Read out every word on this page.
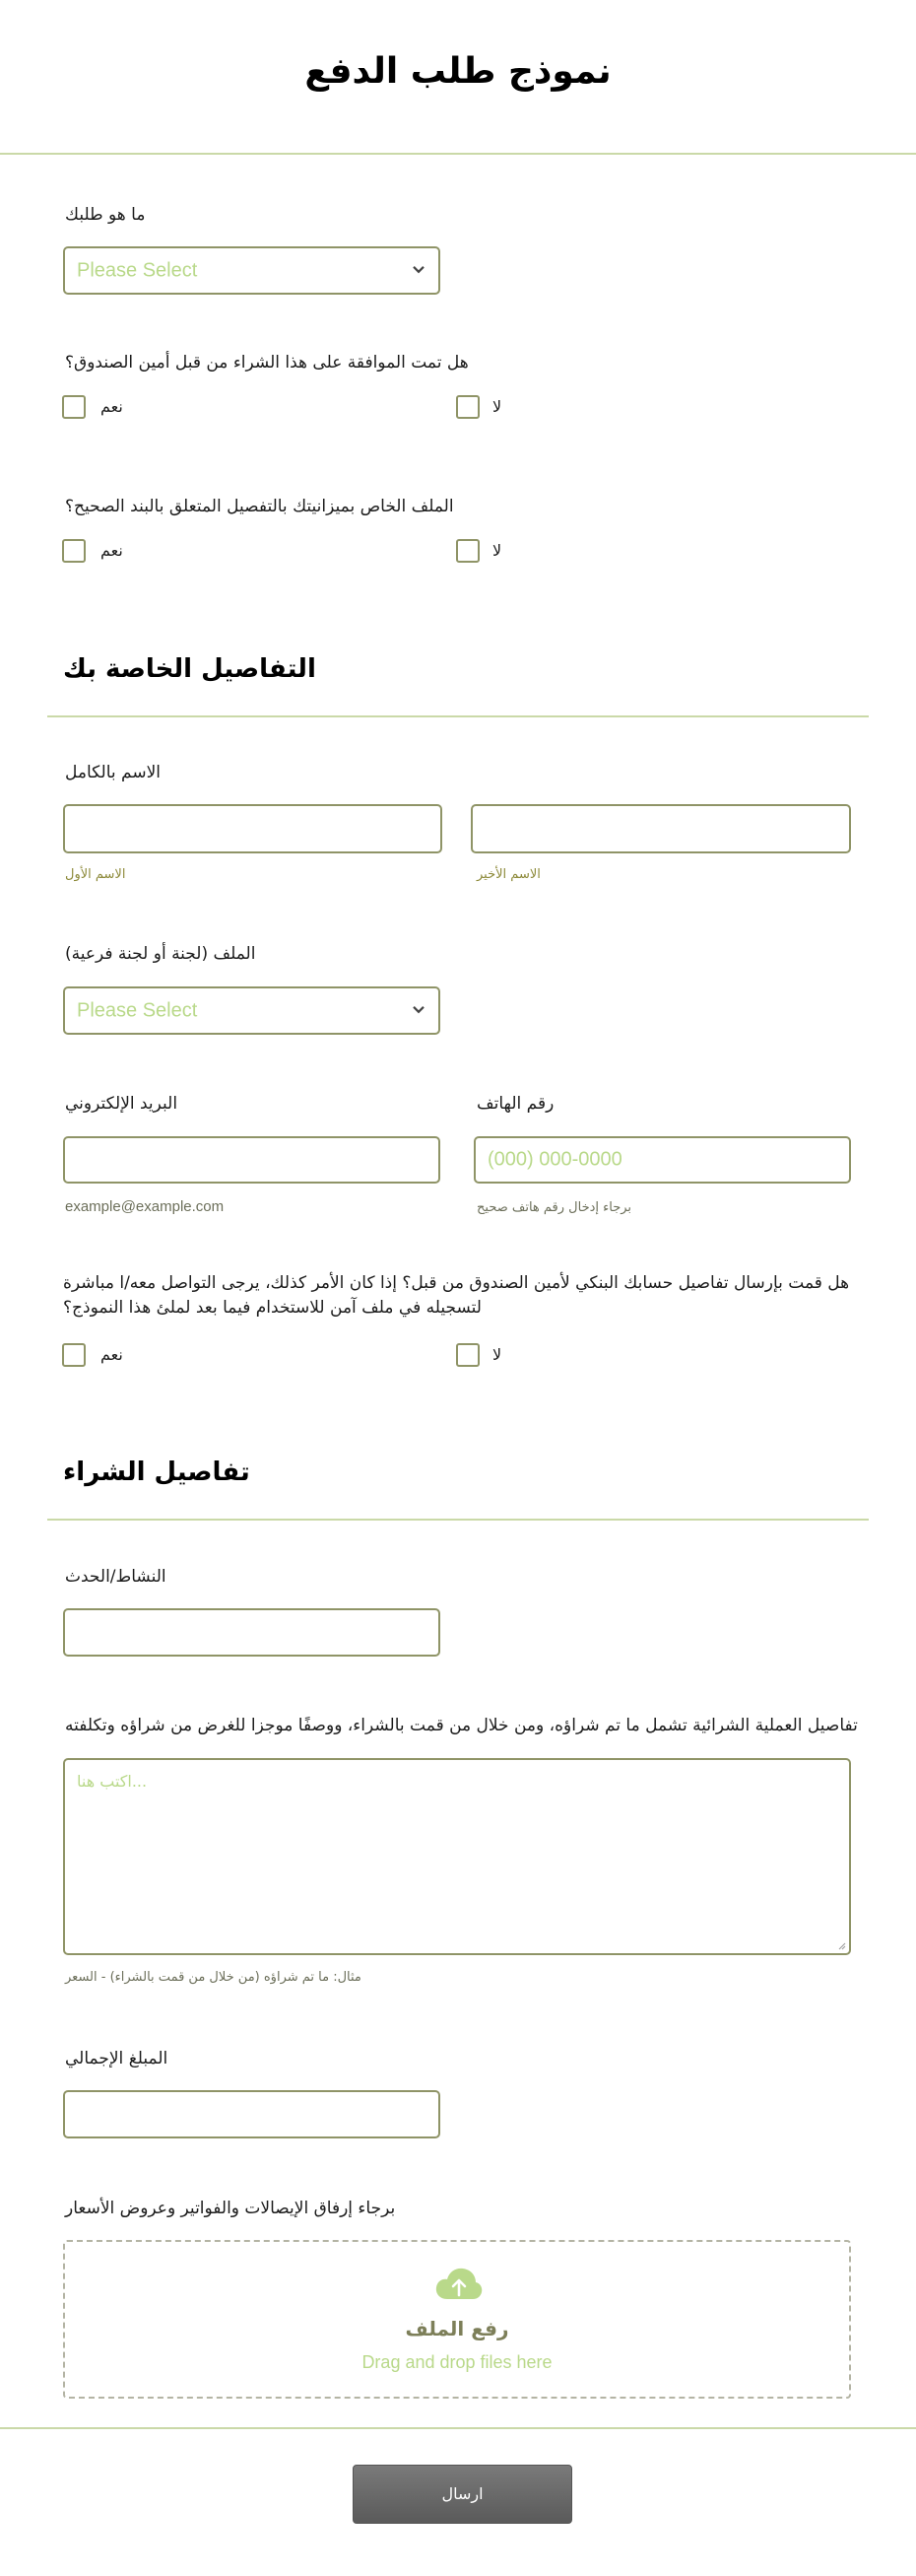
نموذج طلب الدفع
ما هو طلبك
Please Select
هل تمت الموافقة على هذا الشراء من قبل أمين الصندوق؟
نعم	لا
الملف الخاص بميزانيتك بالتفصيل المتعلق بالبند الصحيح؟
نعم	لا
التفاصيل الخاصة بك
الاسم بالكامل
الاسم الأول	الاسم الأخير
الملف (لجنة أو لجنة فرعية)
Please Select
البريد الإلكتروني	رقم الهاتف
(000) 000-0000
example@example.com	برجاء إدخال رقم هاتف صحيح
هل قمت بإرسال تفاصيل حسابك البنكي لأمين الصندوق من قبل؟ إذا كان الأمر كذلك، يرجى التواصل معه/ا مباشرة لتسجيله في ملف آمن للاستخدام فيما بعد لملئ هذا النموذج؟
نعم	لا
تفاصيل الشراء
النشاط/الحدث
تفاصيل العملية الشرائية تشمل ما تم شراؤه، ومن خلال من قمت بالشراء، ووصفًا موجزا للغرض من شراؤه وتكلفته
اكتب هنا...
مثال: ما تم شراؤه (من خلال من قمت بالشراء) - السعر
المبلغ الإجمالي
برجاء إرفاق الإيصالات والفواتير وعروض الأسعار
رفع الملف
Drag and drop files here
ارسال
